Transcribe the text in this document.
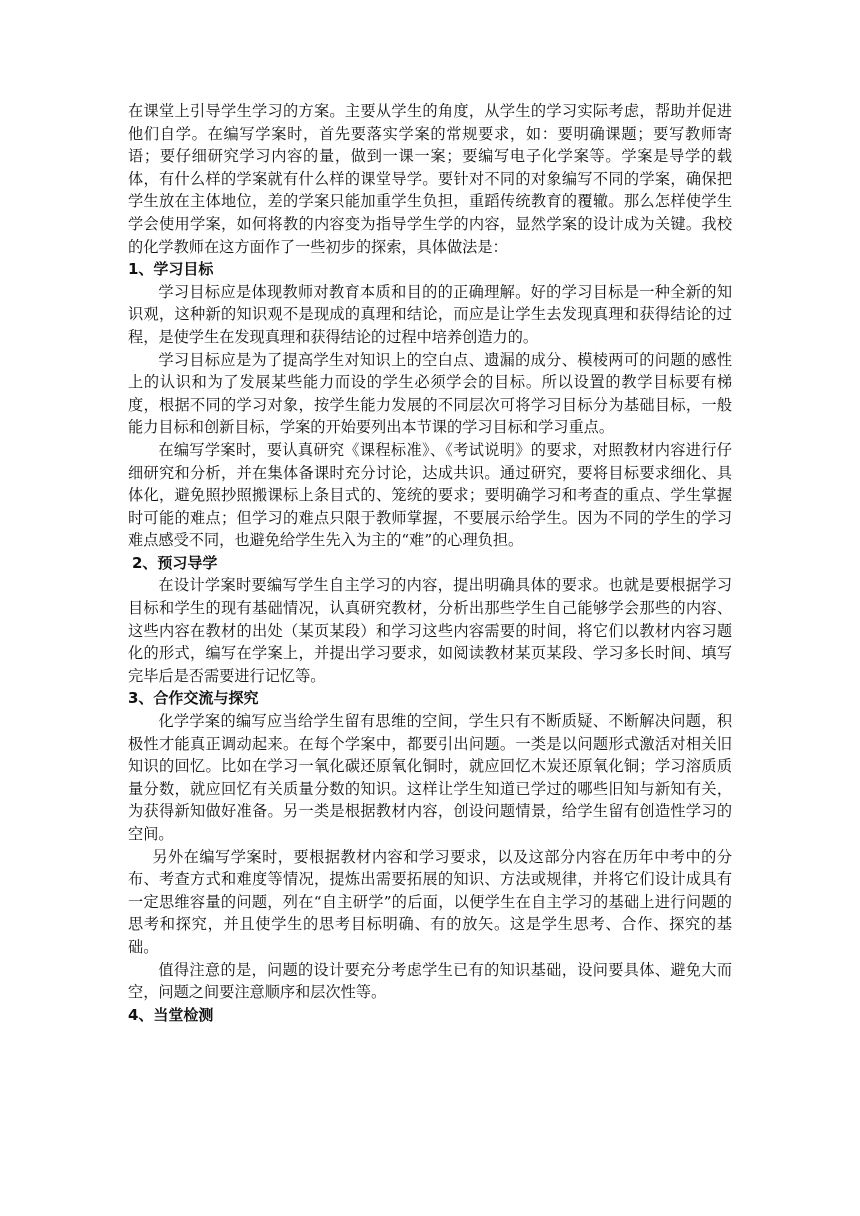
在课堂上引导学生学习的方案。主要从学生的角度，从学生的学习实际考虑，帮助并促进他们自学。在编写学案时，首先要落实学案的常规要求，如：要明确课题；要写教师寄语；要仔细研究学习内容的量，做到一课一案；要编写电子化学案等。学案是导学的载体，有什么样的学案就有什么样的课堂导学。要针对不同的对象编写不同的学案，确保把学生放在主体地位，差的学案只能加重学生负担，重蹈传统教育的覆辙。那么怎样使学生学会使用学案，如何将教的内容变为指导学生学的内容，显然学案的设计成为关键。我校的化学教师在这方面作了一些初步的探索，具体做法是：

1、学习目标

学习目标应是体现教师对教育本质和目的的正确理解。好的学习目标是一种全新的知识观，这种新的知识观不是现成的真理和结论，而应是让学生去发现真理和获得结论的过程，是使学生在发现真理和获得结论的过程中培养创造力的。

学习目标应是为了提高学生对知识上的空白点、遗漏的成分、模棱两可的问题的感性上的认识和为了发展某些能力而设的学生必须学会的目标。所以设置的教学目标要有梯度，根据不同的学习对象，按学生能力发展的不同层次可将学习目标分为基础目标，一般能力目标和创新目标，学案的开始要列出本节课的学习目标和学习重点。

在编写学案时，要认真研究《课程标准》、《考试说明》的要求，对照教材内容进行仔细研究和分析，并在集体备课时充分讨论，达成共识。通过研究，要将目标要求细化、具体化，避免照抄照搬课标上条目式的、笼统的要求；要明确学习和考查的重点、学生掌握时可能的难点；但学习的难点只限于教师掌握，不要展示给学生。因为不同的学生的学习难点感受不同，也避免给学生先入为主的“难”的心理负担。

2、预习导学

在设计学案时要编写学生自主学习的内容，提出明确具体的要求。也就是要根据学习目标和学生的现有基础情况，认真研究教材，分析出那些学生自己能够学会那些的内容、这些内容在教材的出处（某页某段）和学习这些内容需要的时间，将它们以教材内容习题化的形式，编写在学案上，并提出学习要求，如阅读教材某页某段、学习多长时间、填写完毕后是否需要进行记忆等。

3、合作交流与探究

化学学案的编写应当给学生留有思维的空间，学生只有不断质疑、不断解决问题，积极性才能真正调动起来。在每个学案中，都要引出问题。一类是以问题形式激活对相关旧知识的回忆。比如在学习一氧化碳还原氧化铜时，就应回忆木炭还原氧化铜；学习溶质质量分数，就应回忆有关质量分数的知识。这样让学生知道已学过的哪些旧知与新知有关，为获得新知做好准备。另一类是根据教材内容，创设问题情景，给学生留有创造性学习的空间。

另外在编写学案时，要根据教材内容和学习要求，以及这部分内容在历年中考中的分布、考查方式和难度等情况，提炼出需要拓展的知识、方法或规律，并将它们设计成具有一定思维容量的问题，列在“自主研学”的后面，以便学生在自主学习的基础上进行问题的思考和探究，并且使学生的思考目标明确、有的放矢。这是学生思考、合作、探究的基础。

值得注意的是，问题的设计要充分考虑学生已有的知识基础，设问要具体、避免大而空，问题之间要注意顺序和层次性等。

4、当堂检测
